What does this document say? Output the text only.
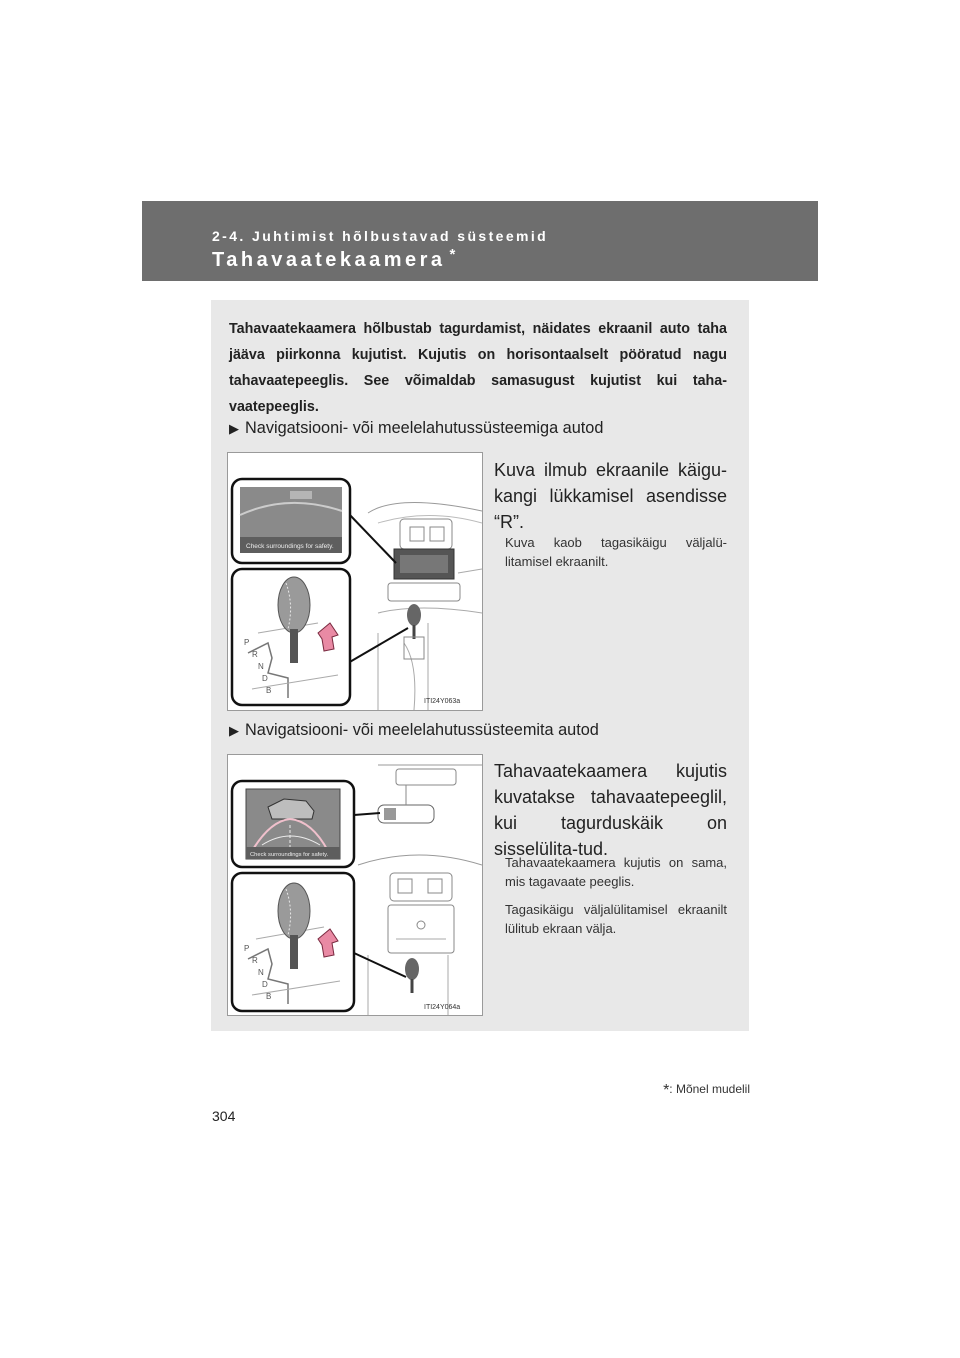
2-4. Juhtimist hõlbustavad süsteemid
Tahavaatekaamera *

Tahavaatekaamera hõlbustab tagurdamist, näidates ekraanil auto taha jääva piirkonna kujutist. Kujutis on horisontaalselt pööratud nagu tahavaatepeeglis. See võimaldab samasugust kujutist kui taha-vaatepeeglis.

▶ Navigatsiooni- või meelelahutussüsteemiga autod
Check surroundings for safety.
P
R
N
D
B
ITI24Y063a
Kuva ilmub ekraanile käigu-kangi lükkamisel asendisse “R”.
Kuva kaob tagasikäigu väljalü-litamisel ekraanilt.
▶ Navigatsiooni- või meelelahutussüsteemita autod
Check surroundings for safety.
P
R
N
D
B
ITI24Y064a
Tahavaatekaamera kujutis kuvatakse tahavaatepeeglil, kui tagurduskäik on sisselülita-tud.
Tahavaatekaamera kujutis on sama, mis tagavaate peeglis.
Tagasikäigu väljalülitamisel ekraanilt lülitub ekraan välja.
*: Mõnel mudelil
304
